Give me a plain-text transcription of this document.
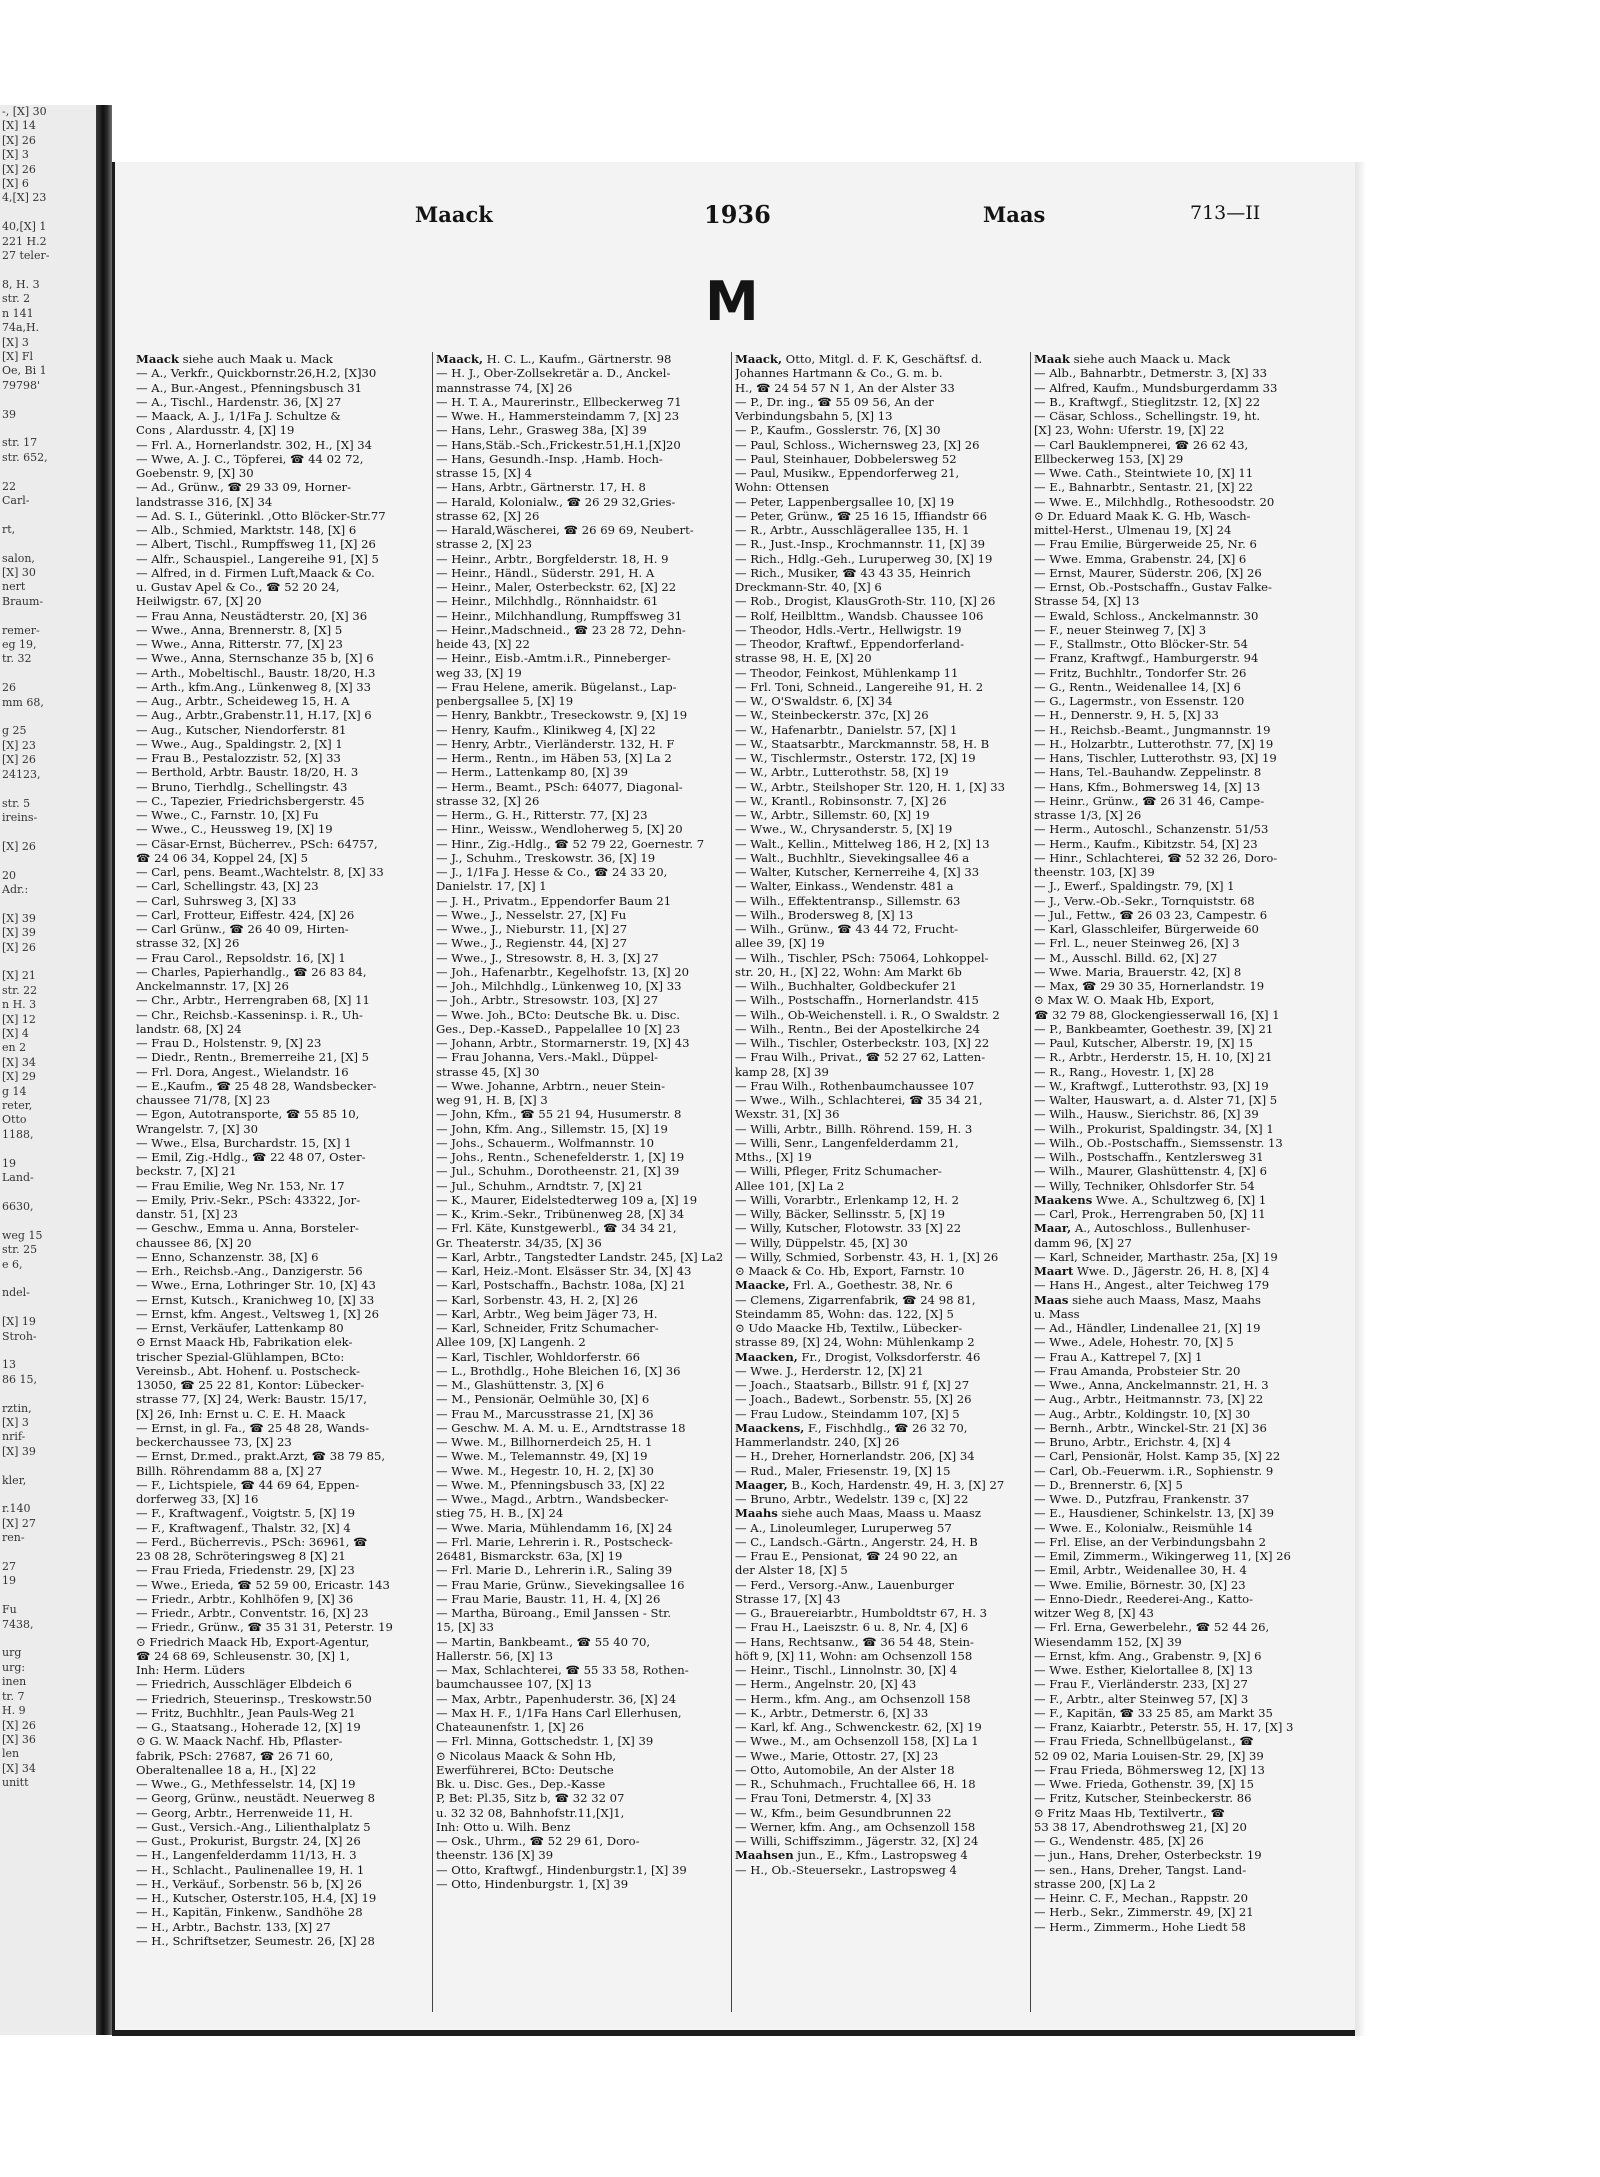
-, [X] 30
[X] 14
[X] 26
[X] 3
[X] 26
[X] 6
4,[X] 23

40,[X] 1
221 H.2
27 teler-

8, H. 3
str. 2
n 141
74a,H.
[X] 3
[X] Fl
Oe, Bi 1
79798'

39

str. 17
str. 652,

22
Carl-

rt,

salon,
[X] 30
nert
Braum-

remer-
eg 19,
tr. 32

26
mm 68,

g 25
[X] 23
[X] 26
24123,

str. 5
ireins-

[X] 26

20
Adr.:

[X] 39
[X] 39
[X] 26

[X] 21
str. 22
n H. 3
[X] 12
[X] 4
en 2
[X] 34
[X] 29
g 14
reter,
Otto
1188,

19
Land-

6630,

weg 15
str. 25
e 6,

ndel-

[X] 19
Stroh-

13
86 15,

rztin,
[X] 3
nrif-
[X] 39

kler,

r.140
[X] 27
ren-

27
19

Fu
7438,

urg
urg:
inen
tr. 7
H. 9
[X] 26
[X] 36
len
[X] 34
unitt
Maack	1936	Maas	713—II
M
Maack siehe auch Maak u. Mack
— A., Verkfr., Quickbornstr.26,H.2, [X]30
— A., Bur.-Angest., Pfenningsbusch 31
— A., Tischl., Hardenstr. 36, [X] 27
— Maack, A. J., 1/1Fa J. Schultze &
Cons , Alardusstr. 4, [X] 19
— Frl. A., Hornerlandstr. 302, H., [X] 34
— Wwe, A. J. C., Töpferei, ☎ 44 02 72,
Goebenstr. 9, [X] 30
— Ad., Grünw., ☎ 29 33 09, Horner-
landstrasse 316, [X] 34
— Ad. S. I., Güterinkl. ,Otto Blöcker-Str.77
— Alb., Schmied, Marktstr. 148, [X] 6
— Albert, Tischl., Rumpffsweg 11, [X] 26
— Alfr., Schauspiel., Langereihe 91, [X] 5
— Alfred, in d. Firmen Luft,Maack & Co.
u. Gustav Apel & Co., ☎ 52 20 24,
Heilwigstr. 67, [X] 20
— Frau Anna, Neustädterstr. 20, [X] 36
— Wwe., Anna, Brennerstr. 8, [X] 5
— Wwe., Anna, Ritterstr. 77, [X] 23
— Wwe., Anna, Sternschanze 35 b, [X] 6
— Arth., Mobeltischl., Baustr. 18/20, H.3
— Arth., kfm.Ang., Lünkenweg 8, [X] 33
— Aug., Arbtr., Scheideweg 15, H. A
— Aug., Arbtr.,Grabenstr.11, H.17, [X] 6
— Aug., Kutscher, Niendorferstr. 81
— Wwe., Aug., Spaldingstr. 2, [X] 1
— Frau B., Pestalozzistr. 52, [X] 33
— Berthold, Arbtr. Baustr. 18/20, H. 3
— Bruno, Tierhdlg., Schellingstr. 43
— C., Tapezier, Friedrichsbergerstr. 45
— Wwe., C., Farnstr. 10, [X] Fu
— Wwe., C., Heussweg 19, [X] 19
— Cäsar-Ernst, Bücherrev., PSch: 64757,
☎ 24 06 34, Koppel 24, [X] 5
— Carl, pens. Beamt.,Wachtelstr. 8, [X] 33
— Carl, Schellingstr. 43, [X] 23
— Carl, Suhrsweg 3, [X] 33
— Carl, Frotteur, Eiffestr. 424, [X] 26
— Carl Grünw., ☎ 26 40 09, Hirten-
strasse 32, [X] 26
— Frau Carol., Repsoldstr. 16, [X] 1
— Charles, Papierhandlg., ☎ 26 83 84,
Anckelmannstr. 17, [X] 26
— Chr., Arbtr., Herrengraben 68, [X] 11
— Chr., Reichsb.-Kasseninsp. i. R., Uh-
landstr. 68, [X] 24
— Frau D., Holstenstr. 9, [X] 23
— Diedr., Rentn., Bremerreihe 21, [X] 5
— Frl. Dora, Angest., Wielandstr. 16
— E.,Kaufm., ☎ 25 48 28, Wandsbecker-
chaussee 71/78, [X] 23
— Egon, Autotransporte, ☎ 55 85 10,
Wrangelstr. 7, [X] 30
— Wwe., Elsa, Burchardstr. 15, [X] 1
— Emil, Zig.-Hdlg., ☎ 22 48 07, Oster-
beckstr. 7, [X] 21
— Frau Emilie, Weg Nr. 153, Nr. 17
— Emily, Priv.-Sekr., PSch: 43322, Jor-
danstr. 51, [X] 23
— Geschw., Emma u. Anna, Borsteler-
chaussee 86, [X] 20
— Enno, Schanzenstr. 38, [X] 6
— Erh., Reichsb.-Ang., Danzigerstr. 56
— Wwe., Erna, Lothringer Str. 10, [X] 43
— Ernst, Kutsch., Kranichweg 10, [X] 33
— Ernst, kfm. Angest., Veltsweg 1, [X] 26
— Ernst, Verkäufer, Lattenkamp 80
⊙ Ernst Maack Hb, Fabrikation elek-
trischer Spezial-Glühlampen, BCto:
Vereinsb., Abt. Hohenf. u. Postscheck-
13050, ☎ 25 22 81, Kontor: Lübecker-
strasse 77, [X] 24, Werk: Baustr. 15/17,
[X] 26, Inh: Ernst u. C. E. H. Maack
— Ernst, in gl. Fa., ☎ 25 48 28, Wands-
beckerchaussee 73, [X] 23
— Ernst, Dr.med., prakt.Arzt, ☎ 38 79 85,
Billh. Röhrendamm 88 a, [X] 27
— F., Lichtspiele, ☎ 44 69 64, Eppen-
dorferweg 33, [X] 16
— F., Kraftwagenf., Voigtstr. 5, [X] 19
— F., Kraftwagenf., Thalstr. 32, [X] 4
— Ferd., Bücherrevis., PSch: 36961, ☎
23 08 28, Schröteringsweg 8 [X] 21
— Frau Frieda, Friedenstr. 29, [X] 23
— Wwe., Erieda, ☎ 52 59 00, Ericastr. 143
— Friedr., Arbtr., Kohlhöfen 9, [X] 36
— Friedr., Arbtr., Conventstr. 16, [X] 23
— Friedr., Grünw., ☎ 35 31 31, Peterstr. 19
⊙ Friedrich Maack Hb, Export-Agentur,
☎ 24 68 69, Schleusenstr. 30, [X] 1,
Inh: Herm. Lüders
— Friedrich, Ausschläger Elbdeich 6
— Friedrich, Steuerinsp., Treskowstr.50
— Fritz, Buchhltr., Jean Pauls-Weg 21
— G., Staatsang., Hoherade 12, [X] 19
⊙ G. W. Maack Nachf. Hb, Pflaster-
fabrik, PSch: 27687, ☎ 26 71 60,
Oberaltenallee 18 a, H., [X] 22
— Wwe., G., Methfesselstr. 14, [X] 19
— Georg, Grünw., neustädt. Neuerweg 8
— Georg, Arbtr., Herrenweide 11, H.
— Gust., Versich.-Ang., Lilienthalplatz 5
— Gust., Prokurist, Burgstr. 24, [X] 26
— H., Langenfelderdamm 11/13, H. 3
— H., Schlacht., Paulinenallee 19, H. 1
— H., Verkäuf., Sorbenstr. 56 b, [X] 26
— H., Kutscher, Osterstr.105, H.4, [X] 19
— H., Kapitän, Finkenw., Sandhöhe 28
— H., Arbtr., Bachstr. 133, [X] 27
— H., Schriftsetzer, Seumestr. 26, [X] 28
Maack, H. C. L., Kaufm., Gärtnerstr. 98
— H. J., Ober-Zollsekretär a. D., Anckel-
mannstrasse 74, [X] 26
— H. T. A., Maurerinstr., Ellbeckerweg 71
— Wwe. H., Hammersteindamm 7, [X] 23
— Hans, Lehr., Grasweg 38a, [X] 39
— Hans,Stäb.-Sch.,Frickestr.51,H.1,[X]20
— Hans, Gesundh.-Insp. ,Hamb. Hoch-
strasse 15, [X] 4
— Hans, Arbtr., Gärtnerstr. 17, H. 8
— Harald, Kolonialw., ☎ 26 29 32,Gries-
strasse 62, [X] 26
— Harald,Wäscherei, ☎ 26 69 69, Neubert-
strasse 2, [X] 23
— Heinr., Arbtr., Borgfelderstr. 18, H. 9
— Heinr., Händl., Süderstr. 291, H. A
— Heinr., Maler, Osterbeckstr. 62, [X] 22
— Heinr., Milchhdlg., Rönnhaidstr. 61
— Heinr., Milchhandlung, Rumpffsweg 31
— Heinr.,Madschneid., ☎ 23 28 72, Dehn-
heide 43, [X] 22
— Heinr., Eisb.-Amtm.i.R., Pinneberger-
weg 33, [X] 19
— Frau Helene, amerik. Bügelanst., Lap-
penbergsallee 5, [X] 19
— Henry, Bankbtr., Treseckowstr. 9, [X] 19
— Henry, Kaufm., Klinikweg 4, [X] 22
— Henry, Arbtr., Vierländerstr. 132, H. F
— Herm., Rentn., im Häben 53, [X] La 2
— Herm., Lattenkamp 80, [X] 39
— Herm., Beamt., PSch: 64077, Diagonal-
strasse 32, [X] 26
— Herm., G. H., Ritterstr. 77, [X] 23
— Hinr., Weissw., Wendloherweg 5, [X] 20
— Hinr., Zig.-Hdlg., ☎ 52 79 22, Goernestr. 7
— J., Schuhm., Treskowstr. 36, [X] 19
— J., 1/1Fa J. Hesse & Co., ☎ 24 33 20,
Danielstr. 17, [X] 1
— J. H., Privatm., Eppendorfer Baum 21
— Wwe., J., Nesselstr. 27, [X] Fu
— Wwe., J., Nieburstr. 11, [X] 27
— Wwe., J., Regienstr. 44, [X] 27
— Wwe., J., Stresowstr. 8, H. 3, [X] 27
— Joh., Hafenarbtr., Kegelhofstr. 13, [X] 20
— Joh., Milchhdlg., Lünkenweg 10, [X] 33
— Joh., Arbtr., Stresowstr. 103, [X] 27
— Wwe. Joh., BCto: Deutsche Bk. u. Disc.
Ges., Dep.-KasseD., Pappelallee 10 [X] 23
— Johann, Arbtr., Stormarnerstr. 19, [X] 43
— Frau Johanna, Vers.-Makl., Düppel-
strasse 45, [X] 30
— Wwe. Johanne, Arbtrn., neuer Stein-
weg 91, H. B, [X] 3
— John, Kfm., ☎ 55 21 94, Husumerstr. 8
— John, Kfm. Ang., Sillemstr. 15, [X] 19
— Johs., Schauerm., Wolfmannstr. 10
— Johs., Rentn., Schenefelderstr. 1, [X] 19
— Jul., Schuhm., Dorotheenstr. 21, [X] 39
— Jul., Schuhm., Arndtstr. 7, [X] 21
— K., Maurer, Eidelstedterweg 109 a, [X] 19
— K., Krim.-Sekr., Tribünenweg 28, [X] 34
— Frl. Käte, Kunstgewerbl., ☎ 34 34 21,
Gr. Theaterstr. 34/35, [X] 36
— Karl, Arbtr., Tangstedter Landstr. 245, [X] La2
— Karl, Heiz.-Mont. Elsässer Str. 34, [X] 43
— Karl, Postschaffn., Bachstr. 108a, [X] 21
— Karl, Sorbenstr. 43, H. 2, [X] 26
— Karl, Arbtr., Weg beim Jäger 73, H.
— Karl, Schneider, Fritz Schumacher-
Allee 109, [X] Langenh. 2
— Karl, Tischler, Wohldorferstr. 66
— L., Brothdlg., Hohe Bleichen 16, [X] 36
— M., Glashüttenstr. 3, [X] 6
— M., Pensionär, Oelmühle 30, [X] 6
— Frau M., Marcusstrasse 21, [X] 36
— Geschw. M. A. M. u. E., Arndtstrasse 18
— Wwe. M., Billhornerdeich 25, H. 1
— Wwe. M., Telemannstr. 49, [X] 19
— Wwe. M., Hegestr. 10, H. 2, [X] 30
— Wwe. M., Pfenningsbusch 33, [X] 22
— Wwe., Magd., Arbtrn., Wandsbecker-
stieg 75, H. B., [X] 24
— Wwe. Maria, Mühlendamm 16, [X] 24
— Frl. Marie, Lehrerin i. R., Postscheck-
26481, Bismarckstr. 63a, [X] 19
— Frl. Marie D., Lehrerin i.R., Saling 39
— Frau Marie, Grünw., Sievekingsallee 16
— Frau Marie, Baustr. 11, H. 4, [X] 26
— Martha, Büroang., Emil Janssen - Str.
15, [X] 33
— Martin, Bankbeamt., ☎ 55 40 70,
Hallerstr. 56, [X] 13
— Max, Schlachterei, ☎ 55 33 58, Rothen-
baumchaussee 107, [X] 13
— Max, Arbtr., Papenhuderstr. 36, [X] 24
— Max H. F., 1/1Fa Hans Carl Ellerhusen,
Chateaunenfstr. 1, [X] 26
— Frl. Minna, Gottschedstr. 1, [X] 39
⊙ Nicolaus Maack & Sohn Hb,
Ewerführerei, BCto: Deutsche
Bk. u. Disc. Ges., Dep.-Kasse
P, Bet: Pl.35, Sitz b, ☎ 32 32 07
u. 32 32 08, Bahnhofstr.11,[X]1,
Inh: Otto u. Wilh. Benz
— Osk., Uhrm., ☎ 52 29 61, Doro-
theenstr. 136 [X] 39
— Otto, Kraftwgf., Hindenburgstr.1, [X] 39
— Otto, Hindenburgstr. 1, [X] 39
Maack, Otto, Mitgl. d. F. K, Geschäftsf. d.
Johannes Hartmann & Co., G. m. b.
H., ☎ 24 54 57 N 1, An der Alster 33
— P., Dr. ing., ☎ 55 09 56, An der
Verbindungsbahn 5, [X] 13
— P., Kaufm., Gosslerstr. 76, [X] 30
— Paul, Schloss., Wichernsweg 23, [X] 26
— Paul, Steinhauer, Dobbelersweg 52
— Paul, Musikw., Eppendorferweg 21,
Wohn: Ottensen
— Peter, Lappenbergsallee 10, [X] 19
— Peter, Grünw., ☎ 25 16 15, Iffiandstr 66
— R., Arbtr., Ausschlägerallee 135, H. 1
— R., Just.-Insp., Krochmannstr. 11, [X] 39
— Rich., Hdlg.-Geh., Luruperweg 30, [X] 19
— Rich., Musiker, ☎ 43 43 35, Heinrich
Dreckmann-Str. 40, [X] 6
— Rob., Drogist, KlausGroth-Str. 110, [X] 26
— Rolf, Heilblttm., Wandsb. Chaussee 106
— Theodor, Hdls.-Vertr., Hellwigstr. 19
— Theodor, Kraftwf., Eppendorferland-
strasse 98, H. E, [X] 20
— Theodor, Feinkost, Mühlenkamp 11
— Frl. Toni, Schneid., Langereihe 91, H. 2
— W., O'Swaldstr. 6, [X] 34
— W., Steinbeckerstr. 37c, [X] 26
— W., Hafenarbtr., Danielstr. 57, [X] 1
— W., Staatsarbtr., Marckmannstr. 58, H. B
— W., Tischlermstr., Osterstr. 172, [X] 19
— W., Arbtr., Lutterothstr. 58, [X] 19
— W., Arbtr., Steilshoper Str. 120, H. 1, [X] 33
— W., Krantl., Robinsonstr. 7, [X] 26
— W., Arbtr., Sillemstr. 60, [X] 19
— Wwe., W., Chrysanderstr. 5, [X] 19
— Walt., Kellin., Mittelweg 186, H 2, [X] 13
— Walt., Buchhltr., Sievekingsallee 46 a
— Walter, Kutscher, Kernerreihe 4, [X] 33
— Walter, Einkass., Wendenstr. 481 a
— Wilh., Effektentransp., Sillemstr. 63
— Wilh., Brodersweg 8, [X] 13
— Wilh., Grünw., ☎ 43 44 72, Frucht-
allee 39, [X] 19
— Wilh., Tischler, PSch: 75064, Lohkoppel-
str. 20, H., [X] 22, Wohn: Am Markt 6b
— Wilh., Buchhalter, Goldbeckufer 21
— Wilh., Postschaffn., Hornerlandstr. 415
— Wilh., Ob-Weichenstell. i. R., O Swaldstr. 2
— Wilh., Rentn., Bei der Apostelkirche 24
— Wilh., Tischler, Osterbeckstr. 103, [X] 22
— Frau Wilh., Privat., ☎ 52 27 62, Latten-
kamp 28, [X] 39
— Frau Wilh., Rothenbaumchaussee 107
— Wwe., Wilh., Schlachterei, ☎ 35 34 21,
Wexstr. 31, [X] 36
— Willi, Arbtr., Billh. Röhrend. 159, H. 3
— Willi, Senr., Langenfelderdamm 21,
Mths., [X] 19
— Willi, Pfleger, Fritz Schumacher-
Allee 101, [X] La 2
— Willi, Vorarbtr., Erlenkamp 12, H. 2
— Willy, Bäcker, Sellinsstr. 5, [X] 19
— Willy, Kutscher, Flotowstr. 33 [X] 22
— Willy, Düppelstr. 45, [X] 30
— Willy, Schmied, Sorbenstr. 43, H. 1, [X] 26
⊙ Maack & Co. Hb, Export, Farnstr. 10
Maacke, Frl. A., Goethestr. 38, Nr. 6
— Clemens, Zigarrenfabrik, ☎ 24 98 81,
Steindamm 85, Wohn: das. 122, [X] 5
⊙ Udo Maacke Hb, Textilw., Lübecker-
strasse 89, [X] 24, Wohn: Mühlenkamp 2
Maacken, Fr., Drogist, Volksdorferstr. 46
— Wwe. J., Herderstr. 12, [X] 21
— Joach., Staatsarb., Billstr. 91 f, [X] 27
— Joach., Badewt., Sorbenstr. 55, [X] 26
— Frau Ludow., Steindamm 107, [X] 5
Maackens, F., Fischhdlg., ☎ 26 32 70,
Hammerlandstr. 240, [X] 26
— H., Dreher, Hornerlandstr. 206, [X] 34
— Rud., Maler, Friesenstr. 19, [X] 15
Maager, B., Koch, Hardenstr. 49, H. 3, [X] 27
— Bruno, Arbtr., Wedelstr. 139 c, [X] 22
Maahs siehe auch Maas, Maass u. Maasz
— A., Linoleumleger, Luruperweg 57
— C., Landsch.-Gärtn., Angerstr. 24, H. B
— Frau E., Pensionat, ☎ 24 90 22, an
der Alster 18, [X] 5
— Ferd., Versorg.-Anw., Lauenburger
Strasse 17, [X] 43
— G., Brauereiarbtr., Humboldtstr 67, H. 3
— Frau H., Laeiszstr. 6 u. 8, Nr. 4, [X] 6
— Hans, Rechtsanw., ☎ 36 54 48, Stein-
höft 9, [X] 11, Wohn: am Ochsenzoll 158
— Heinr., Tischl., Linnolnstr. 30, [X] 4
— Herm., Angelnstr. 20, [X] 43
— Herm., kfm. Ang., am Ochsenzoll 158
— K., Arbtr., Detmerstr. 6, [X] 33
— Karl, kf. Ang., Schwenckestr. 62, [X] 19
— Wwe., M., am Ochsenzoll 158, [X] La 1
— Wwe., Marie, Ottostr. 27, [X] 23
— Otto, Automobile, An der Alster 18
— R., Schuhmach., Fruchtallee 66, H. 18
— Frau Toni, Detmerstr. 4, [X] 33
— W., Kfm., beim Gesundbrunnen 22
— Werner, kfm. Ang., am Ochsenzoll 158
— Willi, Schiffszimm., Jägerstr. 32, [X] 24
Maahsen jun., E., Kfm., Lastropsweg 4
— H., Ob.-Steuersekr., Lastropsweg 4
Maak siehe auch Maack u. Mack
— Alb., Bahnarbtr., Detmerstr. 3, [X] 33
— Alfred, Kaufm., Mundsburgerdamm 33
— B., Kraftwgf., Stieglitzstr. 12, [X] 22
— Cäsar, Schloss., Schellingstr. 19, ht.
[X] 23, Wohn: Uferstr. 19, [X] 22
— Carl Bauklempnerei, ☎ 26 62 43,
Ellbeckerweg 153, [X] 29
— Wwe. Cath., Steintwiete 10, [X] 11
— E., Bahnarbtr., Sentastr. 21, [X] 22
— Wwe. E., Milchhdlg., Rothesoodstr. 20
⊙ Dr. Eduard Maak K. G. Hb, Wasch-
mittel-Herst., Ulmenau 19, [X] 24
— Frau Emilie, Bürgerweide 25, Nr. 6
— Wwe. Emma, Grabenstr. 24, [X] 6
— Ernst, Maurer, Süderstr. 206, [X] 26
— Ernst, Ob.-Postschaffn., Gustav Falke-
Strasse 54, [X] 13
— Ewald, Schloss., Anckelmannstr. 30
— F., neuer Steinweg 7, [X] 3
— F., Stallmstr., Otto Blöcker-Str. 54
— Franz, Kraftwgf., Hamburgerstr. 94
— Fritz, Buchhltr., Tondorfer Str. 26
— G., Rentn., Weidenallee 14, [X] 6
— G., Lagermstr., von Essenstr. 120
— H., Dennerstr. 9, H. 5, [X] 33
— H., Reichsb.-Beamt., Jungmannstr. 19
— H., Holzarbtr., Lutterothstr. 77, [X] 19
— Hans, Tischler, Lutterothstr. 93, [X] 19
— Hans, Tel.-Bauhandw. Zeppelinstr. 8
— Hans, Kfm., Bohmersweg 14, [X] 13
— Heinr., Grünw., ☎ 26 31 46, Campe-
strasse 1/3, [X] 26
— Herm., Autoschl., Schanzenstr. 51/53
— Herm., Kaufm., Kibitzstr. 54, [X] 23
— Hinr., Schlachterei, ☎ 52 32 26, Doro-
theenstr. 103, [X] 39
— J., Ewerf., Spaldingstr. 79, [X] 1
— J., Verw.-Ob.-Sekr., Tornquiststr. 68
— Jul., Fettw., ☎ 26 03 23, Campestr. 6
— Karl, Glasschleifer, Bürgerweide 60
— Frl. L., neuer Steinweg 26, [X] 3
— M., Ausschl. Billd. 62, [X] 27
— Wwe. Maria, Brauerstr. 42, [X] 8
— Max, ☎ 29 30 35, Hornerlandstr. 19
⊙ Max W. O. Maak Hb, Export,
☎ 32 79 88, Glockengiesserwall 16, [X] 1
— P., Bankbeamter, Goethestr. 39, [X] 21
— Paul, Kutscher, Alberstr. 19, [X] 15
— R., Arbtr., Herderstr. 15, H. 10, [X] 21
— R., Rang., Hovestr. 1, [X] 28
— W., Kraftwgf., Lutterothstr. 93, [X] 19
— Walter, Hauswart, a. d. Alster 71, [X] 5
— Wilh., Hausw., Sierichstr. 86, [X] 39
— Wilh., Prokurist, Spaldingstr. 34, [X] 1
— Wilh., Ob.-Postschaffn., Siemssenstr. 13
— Wilh., Postschaffn., Kentzlersweg 31
— Wilh., Maurer, Glashüttenstr. 4, [X] 6
— Willy, Techniker, Ohlsdorfer Str. 54
Maakens Wwe. A., Schultzweg 6, [X] 1
— Carl, Prok., Herrengraben 50, [X] 11
Maar, A., Autoschloss., Bullenhuser-
damm 96, [X] 27
— Karl, Schneider, Marthastr. 25a, [X] 19
Maart Wwe. D., Jägerstr. 26, H. 8, [X] 4
— Hans H., Angest., alter Teichweg 179
Maas siehe auch Maass, Masz, Maahs
u. Mass
— Ad., Händler, Lindenallee 21, [X] 19
— Wwe., Adele, Hohestr. 70, [X] 5
— Frau A., Kattrepel 7, [X] 1
— Frau Amanda, Probsteier Str. 20
— Wwe., Anna, Anckelmannstr. 21, H. 3
— Aug., Arbtr., Heitmannstr. 73, [X] 22
— Aug., Arbtr., Koldingstr. 10, [X] 30
— Bernh., Arbtr., Winckel-Str. 21 [X] 36
— Bruno, Arbtr., Erichstr. 4, [X] 4
— Carl, Pensionär, Holst. Kamp 35, [X] 22
— Carl, Ob.-Feuerwm. i.R., Sophienstr. 9
— D., Brennerstr. 6, [X] 5
— Wwe. D., Putzfrau, Frankenstr. 37
— E., Hausdiener, Schinkelstr. 13, [X] 39
— Wwe. E., Kolonialw., Reismühle 14
— Frl. Elise, an der Verbindungsbahn 2
— Emil, Zimmerm., Wikingerweg 11, [X] 26
— Emil, Arbtr., Weidenallee 30, H. 4
— Wwe. Emilie, Börnestr. 30, [X] 23
— Enno-Diedr., Reederei-Ang., Katto-
witzer Weg 8, [X] 43
— Frl. Erna, Gewerbelehr., ☎ 52 44 26,
Wiesendamm 152, [X] 39
— Ernst, kfm. Ang., Grabenstr. 9, [X] 6
— Wwe. Esther, Kielortallee 8, [X] 13
— Frau F., Vierländerstr. 233, [X] 27
— F., Arbtr., alter Steinweg 57, [X] 3
— F., Kapitän, ☎ 33 25 85, am Markt 35
— Franz, Kaiarbtr., Peterstr. 55, H. 17, [X] 3
— Frau Frieda, Schnellbügelanst., ☎
52 09 02, Maria Louisen-Str. 29, [X] 39
— Frau Frieda, Böhmersweg 12, [X] 13
— Wwe. Frieda, Gothenstr. 39, [X] 15
— Fritz, Kutscher, Steinbeckerstr. 86
⊙ Fritz Maas Hb, Textilvertr., ☎
53 38 17, Abendrothsweg 21, [X] 20
— G., Wendenstr. 485, [X] 26
— jun., Hans, Dreher, Osterbeckstr. 19
— sen., Hans, Dreher, Tangst. Land-
strasse 200, [X] La 2
— Heinr. C. F., Mechan., Rappstr. 20
— Herb., Sekr., Zimmerstr. 49, [X] 21
— Herm., Zimmerm., Hohe Liedt 58
